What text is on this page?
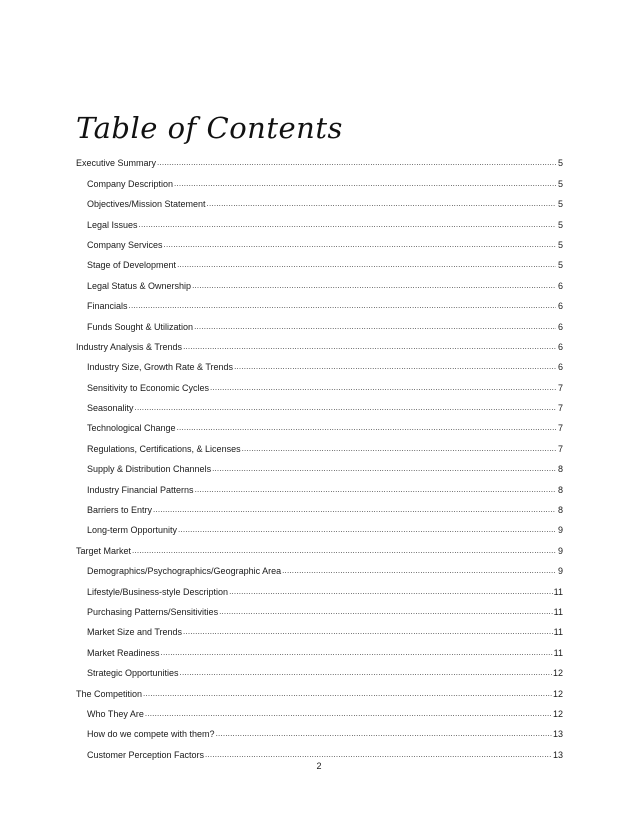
Table of Contents
Executive Summary .....	5
Company Description .....	5
Objectives/Mission Statement .....	5
Legal Issues .....	5
Company Services .....	5
Stage of Development .....	5
Legal Status & Ownership .....	6
Financials .....	6
Funds Sought & Utilization .....	6
Industry Analysis & Trends .....	6
Industry Size, Growth Rate & Trends .....	6
Sensitivity to Economic Cycles .....	7
Seasonality .....	7
Technological Change .....	7
Regulations, Certifications, & Licenses .....	7
Supply & Distribution Channels .....	8
Industry Financial Patterns .....	8
Barriers to Entry .....	8
Long-term Opportunity .....	9
Target Market .....	9
Demographics/Psychographics/Geographic Area .....	9
Lifestyle/Business-style Description .....	11
Purchasing Patterns/Sensitivities .....	11
Market Size and Trends .....	11
Market Readiness .....	11
Strategic Opportunities .....	12
The Competition .....	12
Who They Are .....	12
How do we compete with them? .....	13
Customer Perception Factors .....	13
2
